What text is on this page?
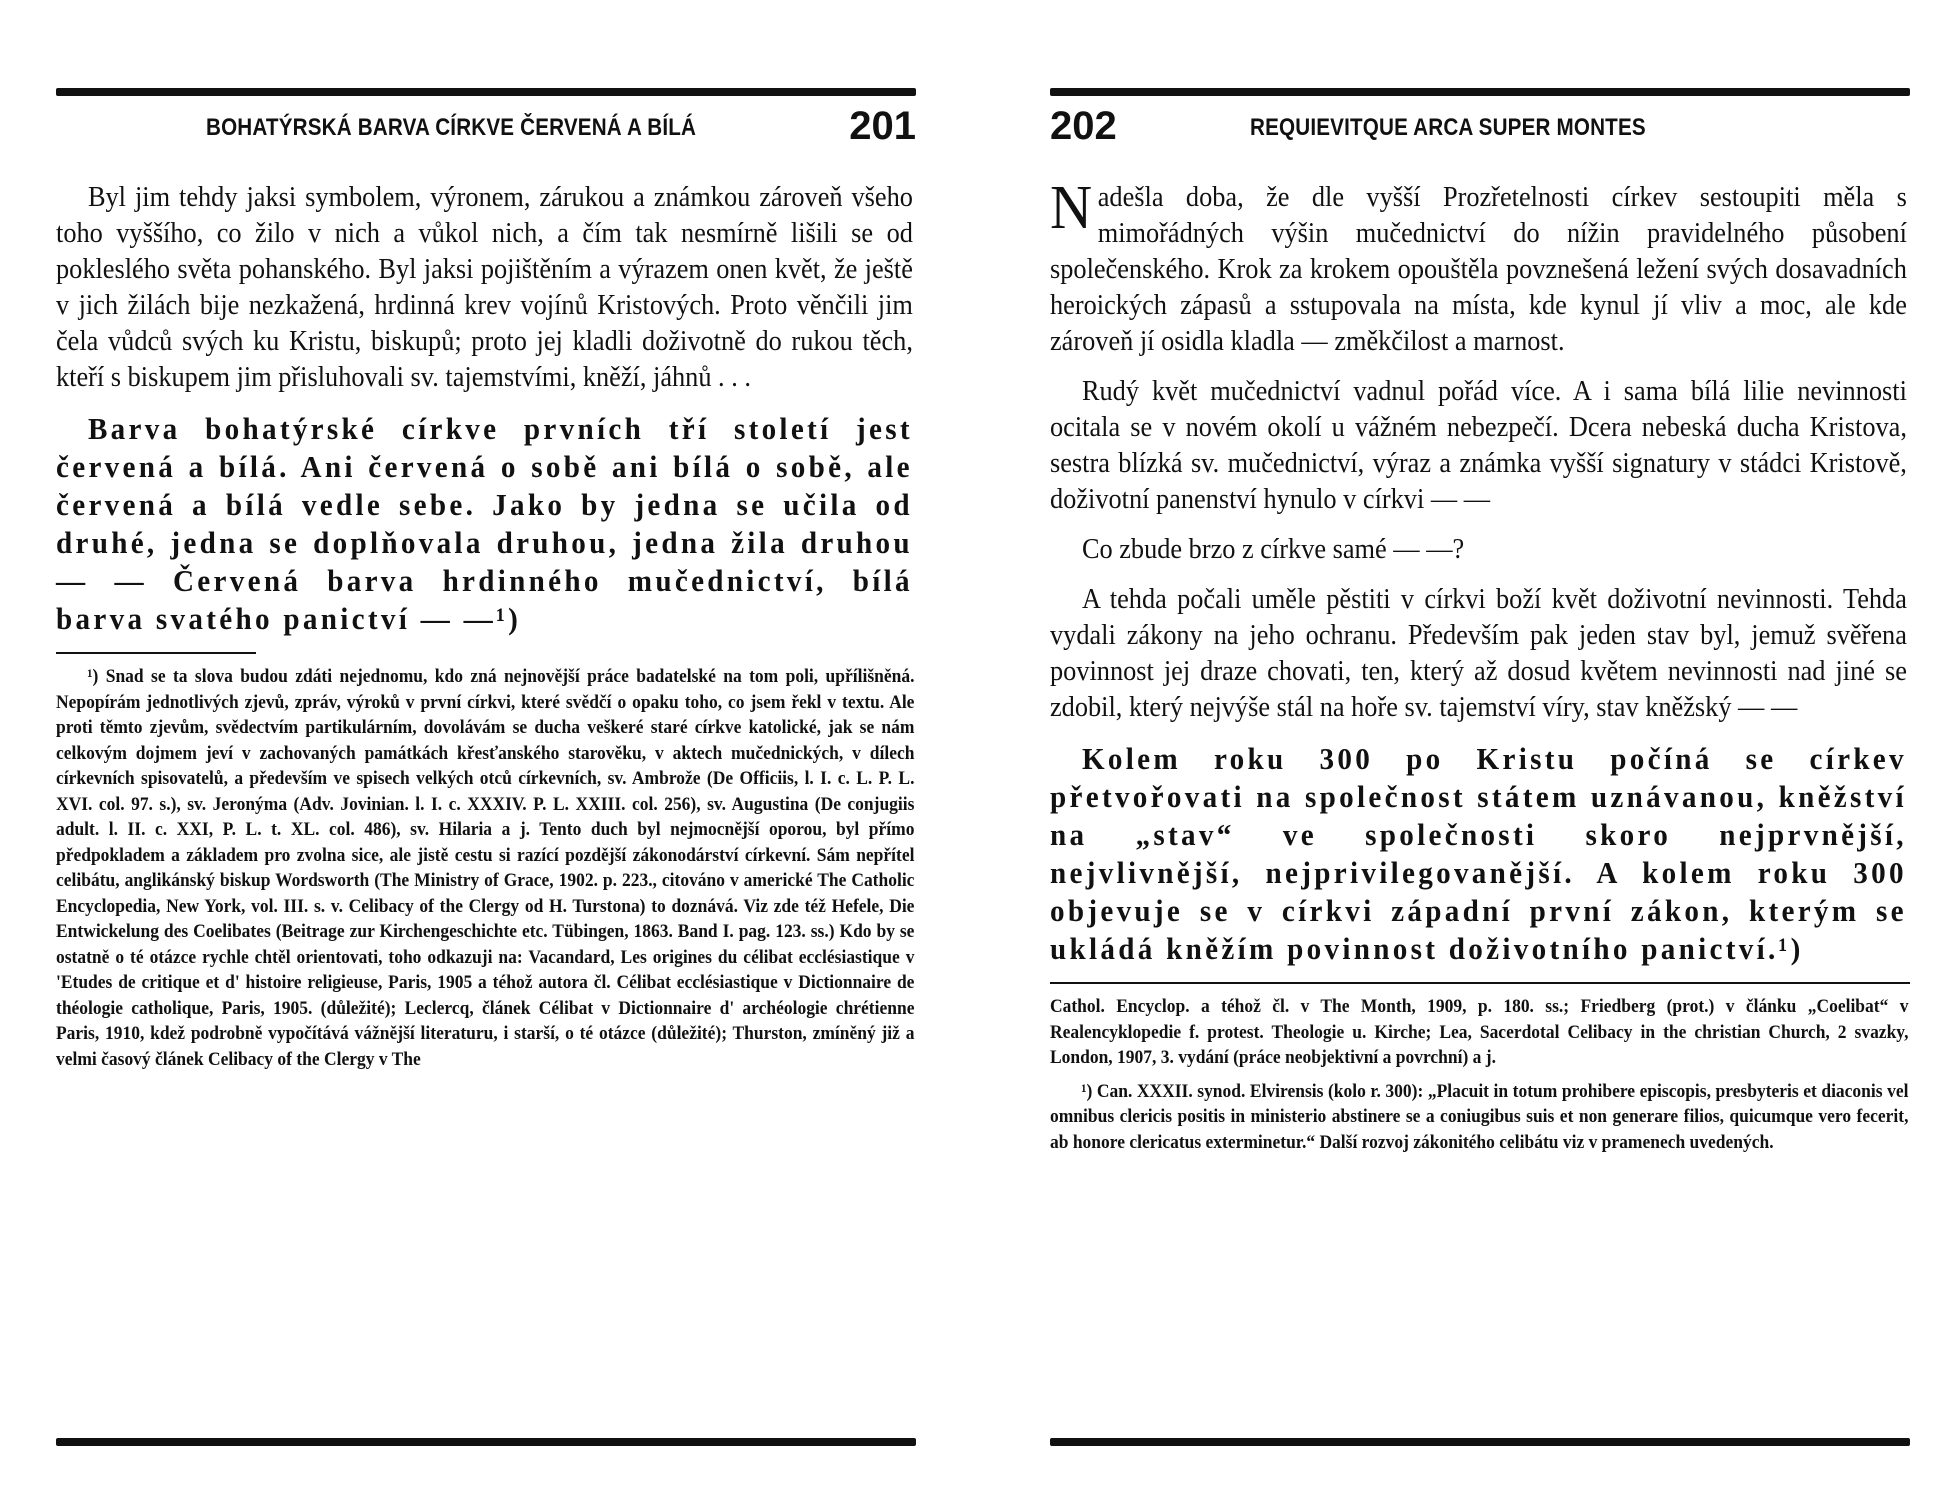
BOHATÝRSKÁ BARVA CÍRKVE ČERVENÁ A BÍLÁ	201

Byl jim tehdy jaksi symbolem, výronem, zárukou a známkou zároveň všeho toho vyššího, co žilo v nich a vůkol nich, a čím tak nesmírně lišili se od pokleslého světa pohanského. Byl jaksi pojištěním a výrazem onen květ, že ještě v jich žilách bije nezkažená, hrdinná krev vojínů Kristových. Proto věnčili jim čela vůdců svých ku Kristu, biskupů; proto jej kladli doživotně do rukou těch, kteří s biskupem jim přisluhovali sv. tajemstvími, kněží, jáhnů . . .

Barva bohatýrské církve prvních tří století jest červená a bílá. Ani červená o sobě ani bílá o sobě, ale červená a bílá vedle sebe. Jako by jedna se učila od druhé, jedna se doplňovala druhou, jedna žila druhou — — Červená barva hrdinného mučednictví, bílá barva svatého panictví — —¹)

¹) Snad se ta slova budou zdáti nejednomu, kdo zná nejnovější práce badatelské na tom poli, upřílišněná. Nepopírám jednotlivých zjevů, zpráv, výroků v první církvi, které svědčí o opaku toho, co jsem řekl v textu. Ale proti těmto zjevům, svědectvím partikulárním, dovolávám se ducha veškeré staré církve katolické, jak se nám celkovým dojmem jeví v zachovaných památkách křesťanského starověku, v aktech mučednických, v dílech církevních spisovatelů, a především ve spisech velkých otců církevních, sv. Ambrože (De Officiis, l. I. c. L. P. L. XVI. col. 97. s.), sv. Jeronýma (Adv. Jovinian. l. I. c. XXXIV. P. L. XXIII. col. 256), sv. Augustina (De conjugiis adult. l. II. c. XXI, P. L. t. XL. col. 486), sv. Hilaria a j. Tento duch byl nejmocnější oporou, byl přímo předpokladem a základem pro zvolna sice, ale jistě cestu si razící pozdější zákonodárství církevní. Sám nepřítel celibátu, anglikánský biskup Wordsworth (The Ministry of Grace, 1902. p. 223., citováno v americké The Catholic Encyclopedia, New York, vol. III. s. v. Celibacy of the Clergy od H. Turstona) to doznává. Viz zde též Hefele, Die Entwickelung des Coelibates (Beitrage zur Kirchengeschichte etc. Tübingen, 1863. Band I. pag. 123. ss.) Kdo by se ostatně o té otázce rychle chtěl orientovati, toho odkazuji na: Vacandard, Les origines du célibat ecclésiastique v 'Etudes de critique et d' histoire religieuse, Paris, 1905 a téhož autora čl. Célibat ecclésiastique v Dictionnaire de théologie catholique, Paris, 1905. (důležité); Leclercq, článek Célibat v Dictionnaire d' archéologie chrétienne Paris, 1910, kdež podrobně vypočítává vážnější literaturu, i starší, o té otázce (důležité); Thurston, zmíněný již a velmi časový článek Celibacy of the Clergy v The

202	REQUIEVITQUE ARCA SUPER MONTES

Nadešla doba, že dle vyšší Prozřetelnosti církev sestoupiti měla s mimořádných výšin mučednictví do nížin pravidelného působení společenského. Krok za krokem opouštěla povznešená ležení svých dosavadních heroických zápasů a sstupovala na místa, kde kynul jí vliv a moc, ale kde zároveň jí osidla kladla — změkčilost a marnost.

Rudý květ mučednictví vadnul pořád více. A i sama bílá lilie nevinnosti ocitala se v novém okolí u vážném nebezpečí. Dcera nebeská ducha Kristova, sestra blízká sv. mučednictví, výraz a známka vyšší signatury v stádci Kristově, doživotní panenství hynulo v církvi — —

Co zbude brzo z církve samé — —?

A tehda počali uměle pěstiti v církvi boží květ doživotní nevinnosti. Tehda vydali zákony na jeho ochranu. Především pak jeden stav byl, jemuž svěřena povinnost jej draze chovati, ten, který až dosud květem nevinnosti nad jiné se zdobil, který nejvýše stál na hoře sv. tajemství víry, stav kněžský — —

Kolem roku 300 po Kristu počíná se církev přetvořovati na společnost státem uznávanou, kněžství na „stav“ ve společnosti skoro nejprvnější, nejvlivnější, nejprivilegovanější. A kolem roku 300 objevuje se v církvi západní první zákon, kterým se ukládá kněžím povinnost doživotního panictví.¹)

Cathol. Encyclop. a téhož čl. v The Month, 1909, p. 180. ss.; Friedberg (prot.) v článku „Coelibat“ v Realencyklopedie f. protest. Theologie u. Kirche; Lea, Sacerdotal Celibacy in the christian Church, 2 svazky, London, 1907, 3. vydání (práce neobjektivní a povrchní) a j.

¹) Can. XXXII. synod. Elvirensis (kolo r. 300): „Placuit in totum prohibere episcopis, presbyteris et diaconis vel omnibus clericis positis in ministerio abstinere se a coniugibus suis et non generare filios, quicumque vero fecerit, ab honore clericatus exterminetur.“ Další rozvoj zákonitého celibátu viz v pramenech uvedených.
